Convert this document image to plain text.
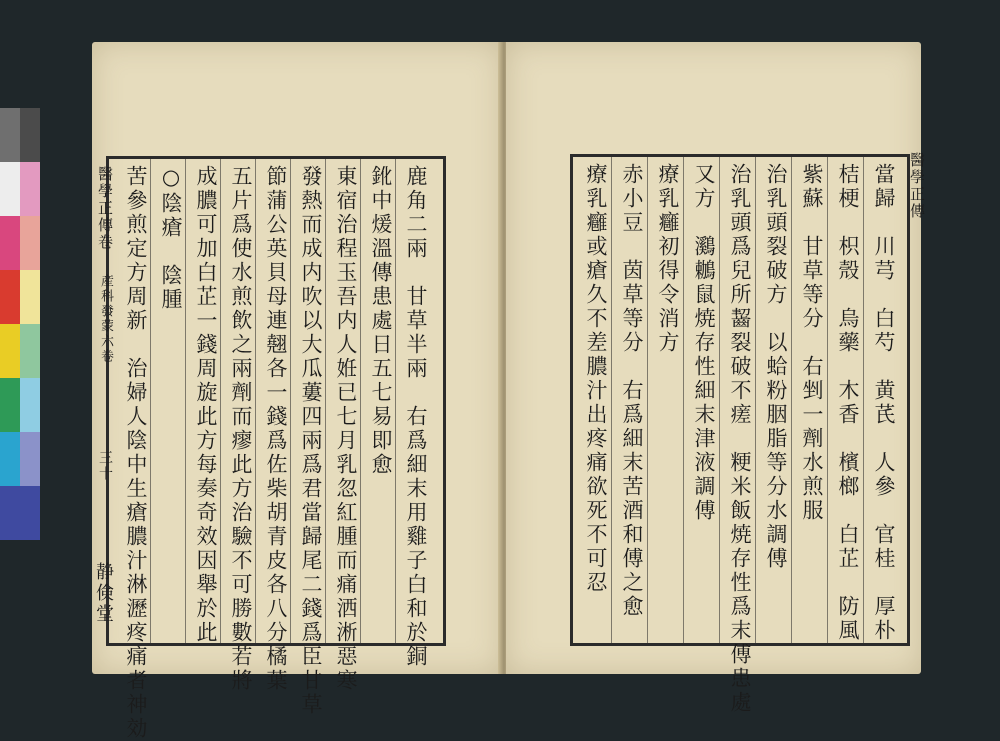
鹿角二兩　甘草半兩　右爲細末用雞子白和於銅
鈋中煖溫傳患處日五七易即愈
東宿治程玉吾内人姙已七月乳忽紅腫而痛洒淅惡寒
發熱而成内吹以大瓜蔞四兩爲君當歸尾二錢爲臣甘草
節蒲公英貝母連翹各一錢爲佐柴胡青皮各八分橘葉
五片爲使水煎飲之兩劑而瘳此方治驗不可勝數若將
成膿可加白芷一錢周旋此方每奏奇效因舉於此
○陰瘡　陰腫
苦參煎定方周新　治婦人陰中生瘡膿汁淋瀝疼痛者神効
醫學正傳卷
産科發蒙六卷
三十
静倹堂	當歸　川芎　白芍　黄芪　人參　官桂　厚朴
桔梗　枳殼　烏藥　木香　檳榔　白芷　防風
紫蘇　甘草等分　右剉一劑水煎服
治乳頭裂破方　以蛤粉胭脂等分水調傅
治乳頭爲兒所齧裂破不瘥　粳米飯焼存性爲末傅患處
又方　鸂鶒鼠焼存性細末津液調傅
療乳癰初得令消方
赤小豆　茵草等分　右爲細末苦酒和傅之愈
療乳癰或瘡久不差膿汁出疼痛欲死不可忍	醫學正傳
